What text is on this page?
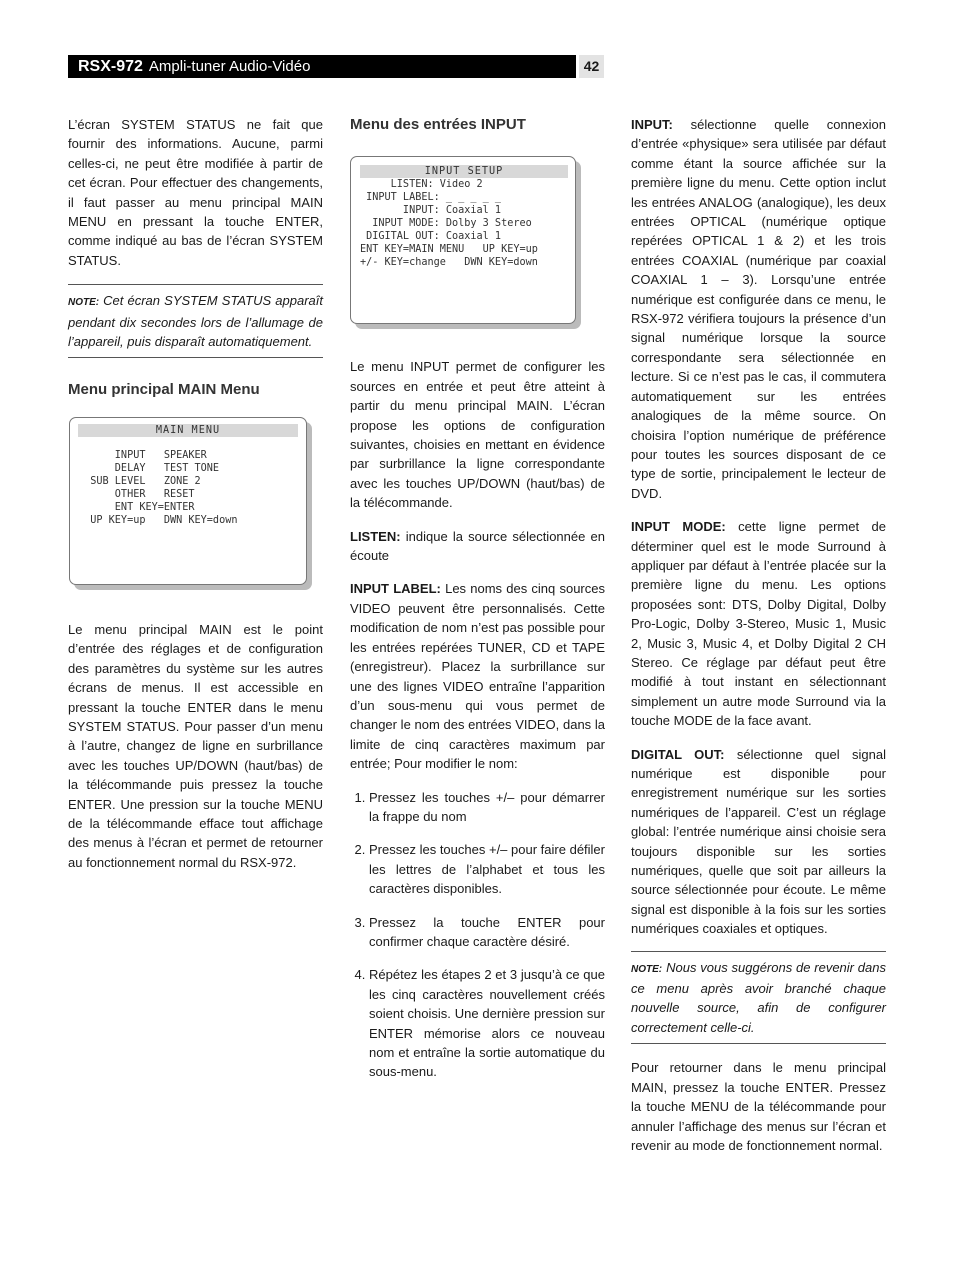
RSX-972 Ampli-tuner Audio-Vidéo	42

L’écran SYSTEM STATUS ne fait que fournir des informations. Aucune, parmi celles-ci, ne peut être modifiée à partir de cet écran. Pour effectuer des changements, il faut passer au menu principal MAIN MENU en pressant la touche ENTER, comme indiqué au bas de l’écran SYSTEM STATUS.

NOTE: Cet écran SYSTEM STATUS apparaît pendant dix secondes lors de l’allumage de l’appareil, puis disparaît automatiquement.

Menu principal MAIN Menu
MAIN MENU
INPUT   SPEAKER
DELAY   TEST TONE
SUB LEVEL   ZONE 2
OTHER   RESET
ENT KEY=ENTER
UP KEY=up   DWN KEY=down

Le menu principal MAIN est le point d’entrée des réglages et de configuration des paramètres du système sur les autres écrans de menus. Il est accessible en pressant la touche ENTER dans le menu SYSTEM STATUS. Pour passer d’un menu à l’autre, changez de ligne en surbrillance avec les touches UP/DOWN (haut/bas) de la télécommande puis pressez la touche ENTER. Une pression sur la touche MENU de la télécommande efface tout affichage des menus à l’écran et permet de retourner au fonctionnement normal du RSX-972.

Menu des entrées INPUT
INPUT SETUP
LISTEN: Video 2
INPUT LABEL: _ _ _ _ _
INPUT: Coaxial 1
INPUT MODE: Dolby 3 Stereo
DIGITAL OUT: Coaxial 1
ENT KEY=MAIN MENU   UP KEY=up
+/- KEY=change   DWN KEY=down

Le menu INPUT permet de configurer les sources en entrée et peut être atteint à partir du menu principal MAIN. L’écran propose les options de configuration suivantes, choisies en mettant en évidence par surbrillance la ligne correspondante avec les touches UP/DOWN (haut/bas) de la télécommande.

LISTEN: indique la source sélectionnée en écoute

INPUT LABEL: Les noms des cinq sources VIDEO peuvent être personnalisés. Cette modification de nom n’est pas possible pour les entrées repérées TUNER, CD et TAPE (enregistreur). Placez la surbrillance sur une des lignes VIDEO entraîne l’apparition d’un sous-menu qui vous permet de changer le nom des entrées VIDEO, dans la limite de cinq caractères maximum par entrée; Pour modifier le nom:

1. Pressez les touches +/– pour démarrer la frappe du nom
2. Pressez les touches +/– pour faire défiler les lettres de l’alphabet et tous les caractères disponibles.
3. Pressez la touche ENTER pour confirmer chaque caractère désiré.
4. Répétez les étapes 2 et 3 jusqu’à ce que les cinq caractères nouvellement créés soient choisis. Une dernière pression sur ENTER mémorise alors ce nouveau nom et entraîne la sortie automatique du sous-menu.

INPUT: sélectionne quelle connexion d’entrée «physique» sera utilisée par défaut comme étant la source affichée sur la première ligne du menu. Cette option inclut les entrées ANALOG (analogique), les deux entrées OPTICAL (numérique optique repérées OPTICAL 1 & 2) et les trois entrées COAXIAL (numérique par coaxial COAXIAL 1 – 3). Lorsqu’une entrée numérique est configurée dans ce menu, le RSX-972 vérifiera toujours la présence d’un signal numérique lorsque la source correspondante sera sélectionnée en lecture. Si ce n’est pas le cas, il commutera automatiquement sur les entrées analogiques de la même source. On choisira l’option numérique de préférence pour toutes les sources disposant de ce type de sortie, principalement le lecteur de DVD.

INPUT MODE: cette ligne permet de déterminer quel est le mode Surround à appliquer par défaut à l’entrée placée sur la première ligne du menu. Les options proposées sont: DTS, Dolby Digital, Dolby Pro-Logic, Dolby 3-Stereo, Music 1, Music 2, Music 3, Music 4, et Dolby Digital 2 CH Stereo. Ce réglage par défaut peut être modifié à tout instant en sélectionnant simplement un autre mode Surround via la touche MODE de la face avant.

DIGITAL OUT: sélectionne quel signal numérique est disponible pour enregistrement numérique sur les sorties numériques de l’appareil. C’est un réglage global: l’entrée numérique ainsi choisie sera toujours disponible sur les sorties numériques, quelle que soit par ailleurs la source sélectionnée pour écoute. Le même signal est disponible à la fois sur les sorties numériques coaxiales et optiques.

NOTE: Nous vous suggérons de revenir dans ce menu après avoir branché chaque nouvelle source, afin de configurer correctement celle-ci.

Pour retourner dans le menu principal MAIN, pressez la touche ENTER. Pressez la touche MENU de la télécommande pour annuler l’affichage des menus sur l’écran et revenir au mode de fonctionnement normal.
